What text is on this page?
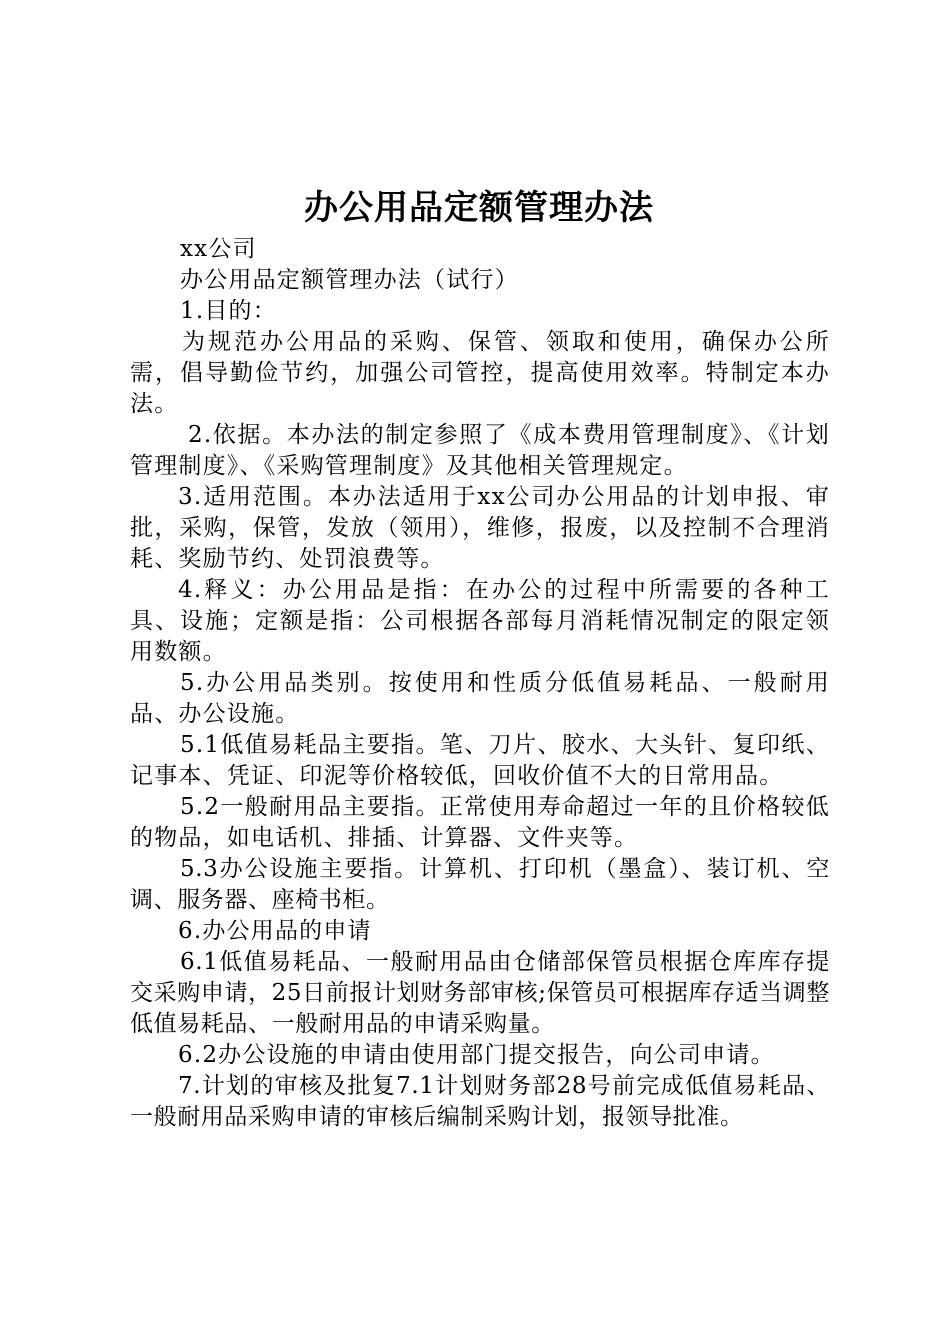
办公用品定额管理办法

xx公司

办公用品定额管理办法（试行）

1.目的：

为规范办公用品的采购、保管、领取和使用，确保办公所需，倡导勤俭节约，加强公司管控，提高使用效率。特制定本办法。

2.依据。本办法的制定参照了《成本费用管理制度》、《计划管理制度》、《采购管理制度》及其他相关管理规定。

3.适用范围。本办法适用于xx公司办公用品的计划申报、审批，采购，保管，发放（领用），维修，报废，以及控制不合理消耗、奖励节约、处罚浪费等。

4.释义：办公用品是指：在办公的过程中所需要的各种工具、设施；定额是指：公司根据各部每月消耗情况制定的限定领用数额。

5.办公用品类别。按使用和性质分低值易耗品、一般耐用品、办公设施。

5.1低值易耗品主要指。笔、刀片、胶水、大头针、复印纸、记事本、凭证、印泥等价格较低，回收价值不大的日常用品。

5.2一般耐用品主要指。正常使用寿命超过一年的且价格较低的物品，如电话机、排插、计算器、文件夹等。

5.3办公设施主要指。计算机、打印机（墨盒）、装订机、空调、服务器、座椅书柜。

6.办公用品的申请

6.1低值易耗品、一般耐用品由仓储部保管员根据仓库库存提交采购申请，25日前报计划财务部审核;保管员可根据库存适当调整低值易耗品、一般耐用品的申请采购量。

6.2办公设施的申请由使用部门提交报告，向公司申请。

7.计划的审核及批复7.1计划财务部28号前完成低值易耗品、一般耐用品采购申请的审核后编制采购计划，报领导批准。
